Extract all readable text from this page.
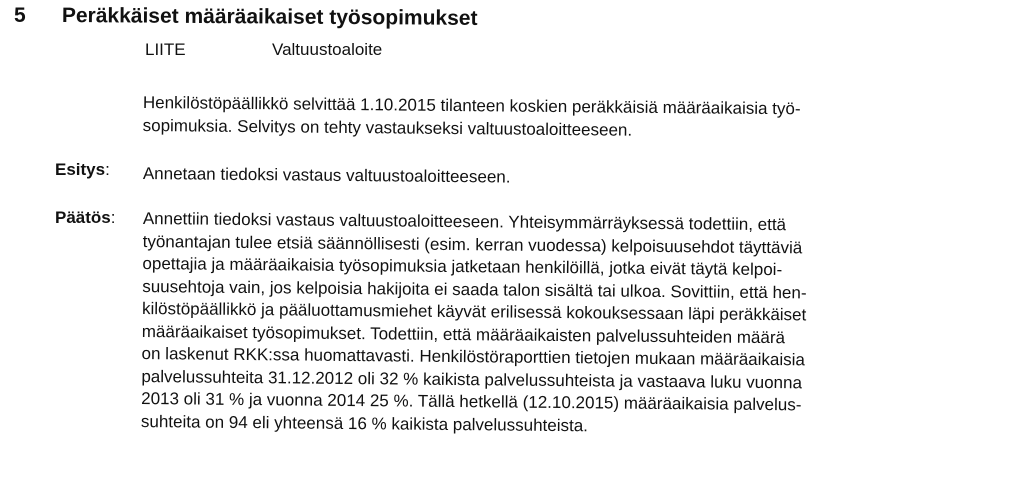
5 Peräkkäiset määräaikaiset työsopimukset
LIITE	Valtuustoaloite
Henkilöstöpäällikkö selvittää 1.10.2015 tilanteen koskien peräkkäisiä määräaikaisia työ-
sopimuksia. Selvitys on tehty vastaukseksi valtuustoaloitteeseen.
Esitys: Annetaan tiedoksi vastaus valtuustoaloitteeseen.
Päätös: Annettiin tiedoksi vastaus valtuustoaloitteeseen. Yhteisymmärräyksessä todettiin, että
työnantajan tulee etsiä säännöllisesti (esim. kerran vuodessa) kelpoisuusehdot täyttäviä
opettajia ja määräaikaisia työsopimuksia jatketaan henkilöillä, jotka eivät täytä kelpoi-
suusehtoja vain, jos kelpoisia hakijoita ei saada talon sisältä tai ulkoa. Sovittiin, että hen-
kilöstöpäällikkö ja pääluottamusmiehet käyvät erilisessä kokouksessaan läpi peräkkäiset
määräaikaiset työsopimukset. Todettiin, että määräaikaisten palvelussuhteiden määrä
on laskenut RKK:ssa huomattavasti. Henkilöstöraporttien tietojen mukaan määräaikaisia
palvelussuhteita 31.12.2012 oli 32 % kaikista palvelussuhteista ja vastaava luku vuonna
2013 oli 31 % ja vuonna 2014 25 %. Tällä hetkellä (12.10.2015) määräaikaisia palvelus-
suhteita on 94 eli yhteensä 16 % kaikista palvelussuhteista.
